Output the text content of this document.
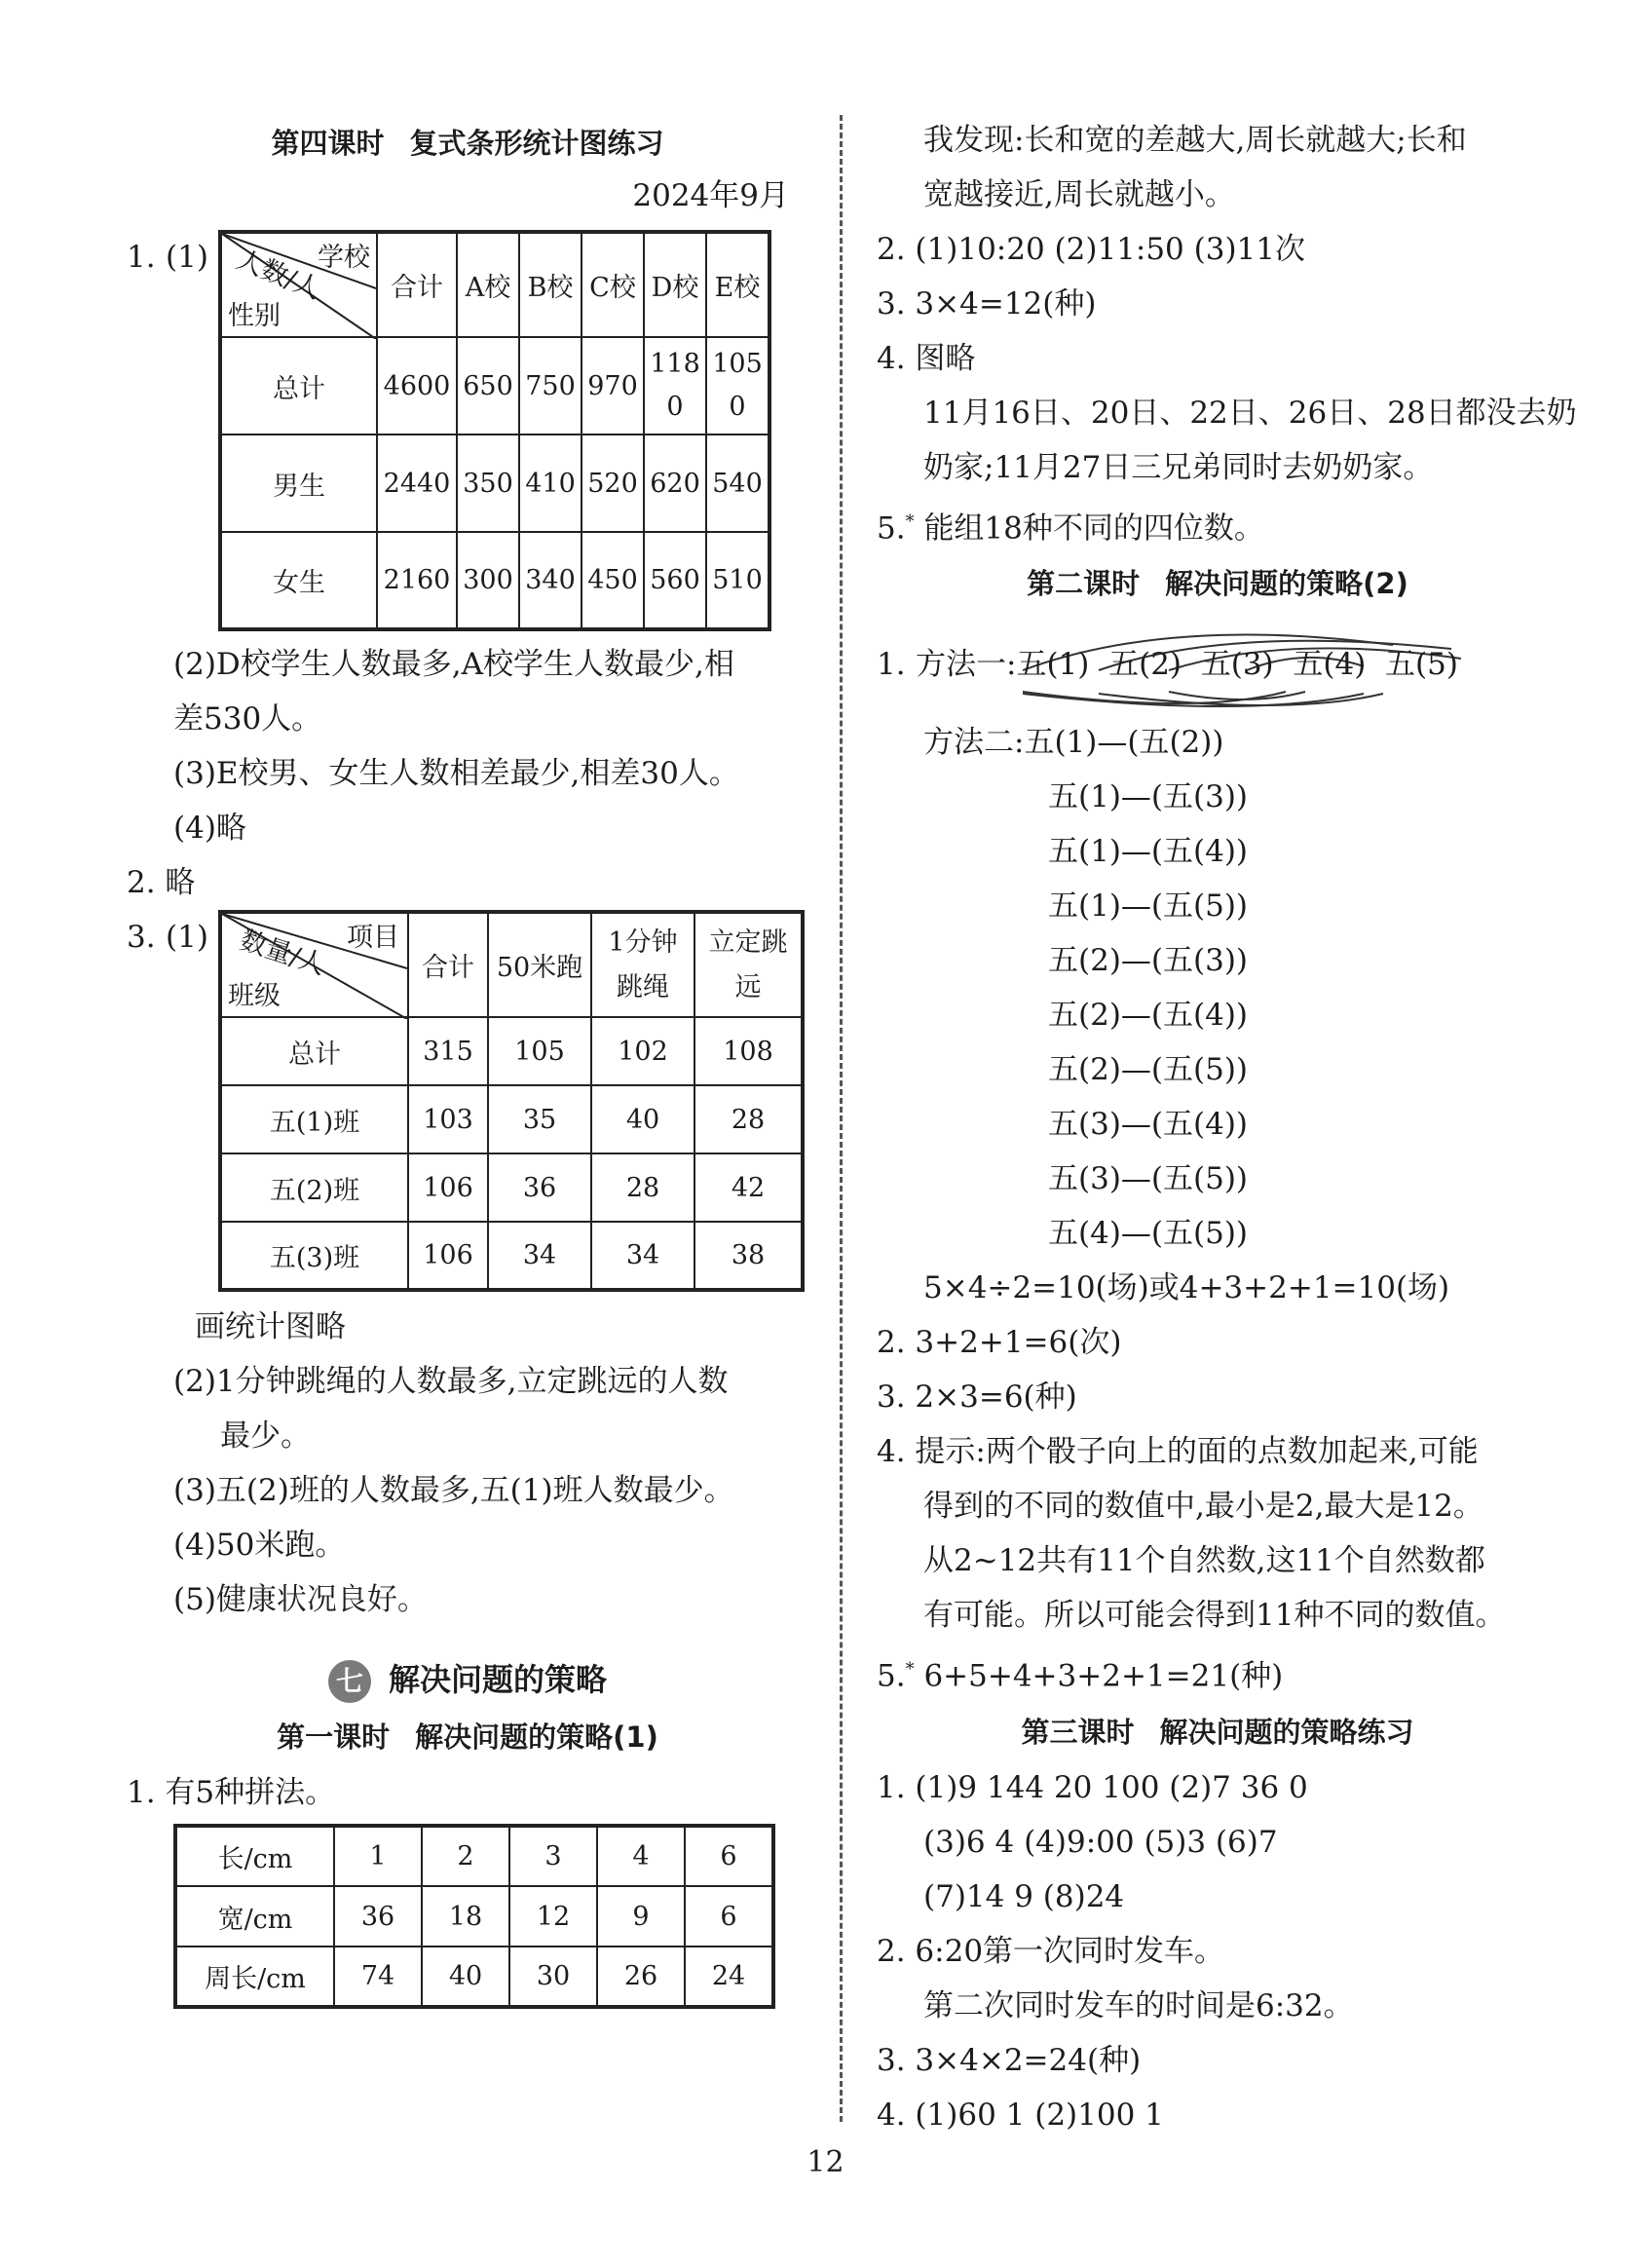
第四课时 复式条形统计图练习
2024年9月
1. (1)	学校
人数/人
性别	合计	A校	B校	C校	D校	E校
总计	4600	650	750	970	1180	1050
男生	2440	350	410	520	620	540
女生	2160	300	340	450	560	510
(2)D校学生人数最多,A校学生人数最少,相
差530人。
(3)E校男、女生人数相差最少,相差30人。
(4)略
2. 略
3. (1)	项目
数量/人
班级	合计	50米跑	1分钟跳绳	立定跳远
总计	315	105	102	108
五(1)班	103	35	40	28
五(2)班	106	36	28	42
五(3)班	106	34	34	38
画统计图略
(2)1分钟跳绳的人数最多,立定跳远的人数
最少。
(3)五(2)班的人数最多,五(1)班人数最少。
(4)50米跑。
(5)健康状况良好。
七 解决问题的策略
第一课时 解决问题的策略(1)
1. 有5种拼法。
长/cm	1	2	3	4	6
宽/cm	36	18	12	9	6
周长/cm	74	40	30	26	24
我发现:长和宽的差越大,周长就越大;长和
宽越接近,周长就越小。
2. (1)10:20 (2)11:50 (3)11次
3. 3×4=12(种)
4. 图略
11月16日、20日、22日、26日、28日都没去奶
奶家;11月27日三兄弟同时去奶奶家。
5.* 能组18种不同的四位数。
第二课时 解决问题的策略(2)
1. 方法一:五(1) 五(2) 五(3) 五(4) 五(5)
方法二:五(1)—(五(2))
五(1)—(五(3))
五(1)—(五(4))
五(1)—(五(5))
五(2)—(五(3))
五(2)—(五(4))
五(2)—(五(5))
五(3)—(五(4))
五(3)—(五(5))
五(4)—(五(5))
5×4÷2=10(场)或4+3+2+1=10(场)
2. 3+2+1=6(次)
3. 2×3=6(种)
4. 提示:两个骰子向上的面的点数加起来,可能
得到的不同的数值中,最小是2,最大是12。
从2~12共有11个自然数,这11个自然数都
有可能。所以可能会得到11种不同的数值。
5.* 6+5+4+3+2+1=21(种)
第三课时 解决问题的策略练习
1. (1)9 144 20 100 (2)7 36 0
(3)6 4 (4)9:00 (5)3 (6)7
(7)14 9 (8)24
2. 6:20第一次同时发车。
第二次同时发车的时间是6:32。
3. 3×4×2=24(种)
4. (1)60 1 (2)100 1
12
